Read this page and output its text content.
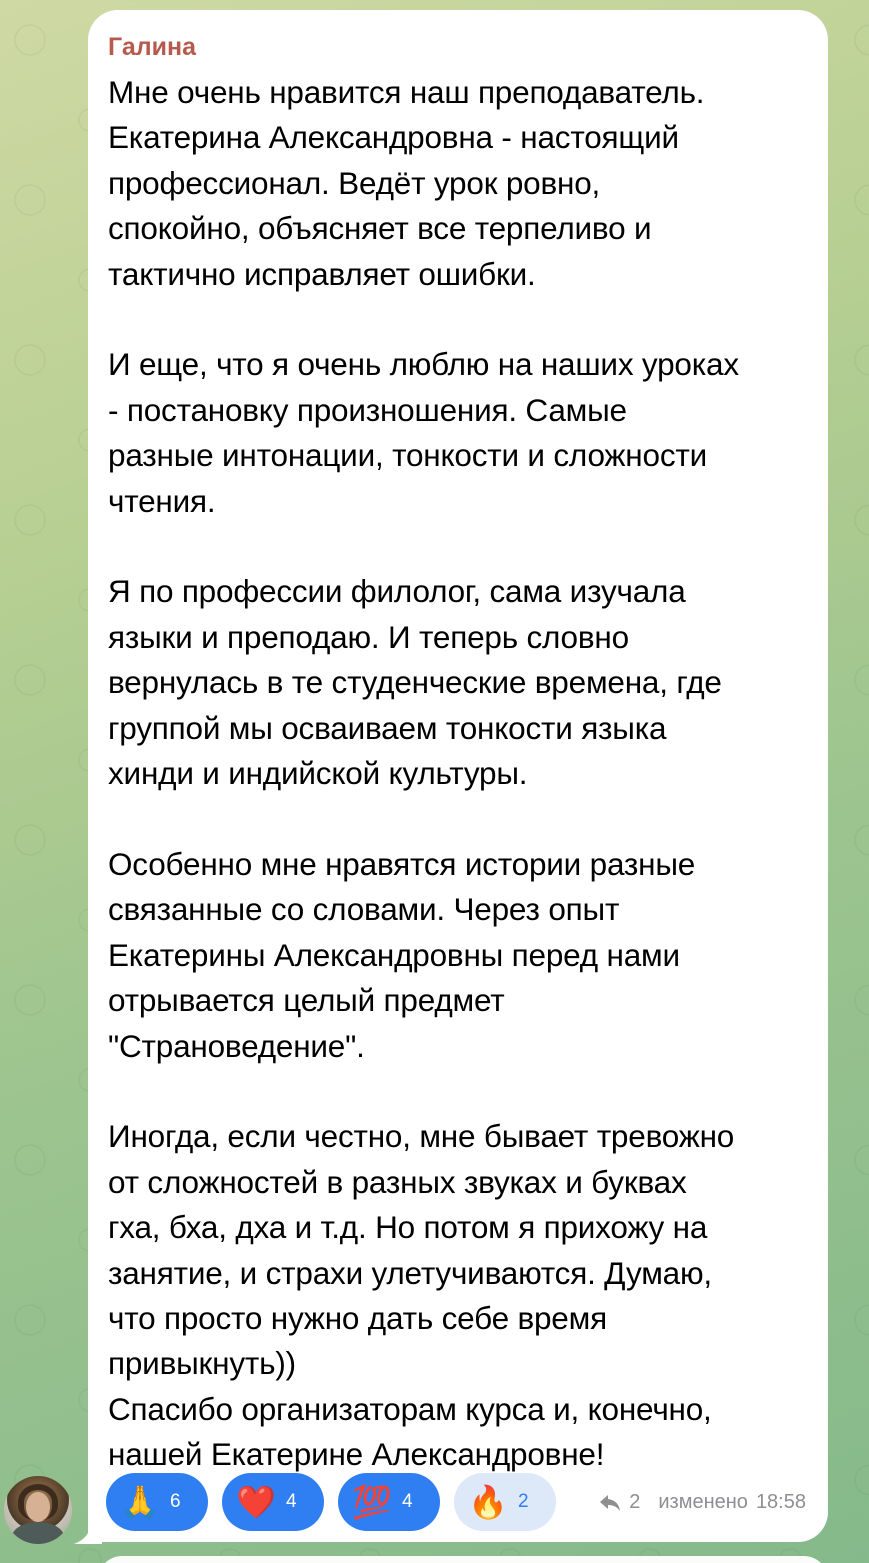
Галина
Мне очень нравится наш преподаватель.
Екатерина Александровна - настоящий
профессионал. Ведёт урок ровно,
спокойно, объясняет все терпеливо и
тактично исправляет ошибки.

И еще, что я очень люблю на наших уроках
- постановку произношения. Самые
разные интонации, тонкости и сложности
чтения.

Я по профессии филолог, сама изучала
языки и преподаю. И теперь словно
вернулась в те студенческие времена, где
группой мы осваиваем тонкости языка
хинди и индийской культуры.

Особенно мне нравятся истории разные
связанные со словами. Через опыт
Екатерины Александровны перед нами
отрывается целый предмет
"Страноведение".

Иногда, если честно, мне бывает тревожно
от сложностей в разных звуках и буквах
гха, бха, дха и т.д. Но потом я прихожу на
занятие, и страхи улетучиваются. Думаю,
что просто нужно дать себе время
привыкнуть))
Спасибо организаторам курса и, конечно,
нашей Екатерине Александровне!
🙏 6 ❤️ 4 💯 4 🔥 2	2 изменено 18:58
